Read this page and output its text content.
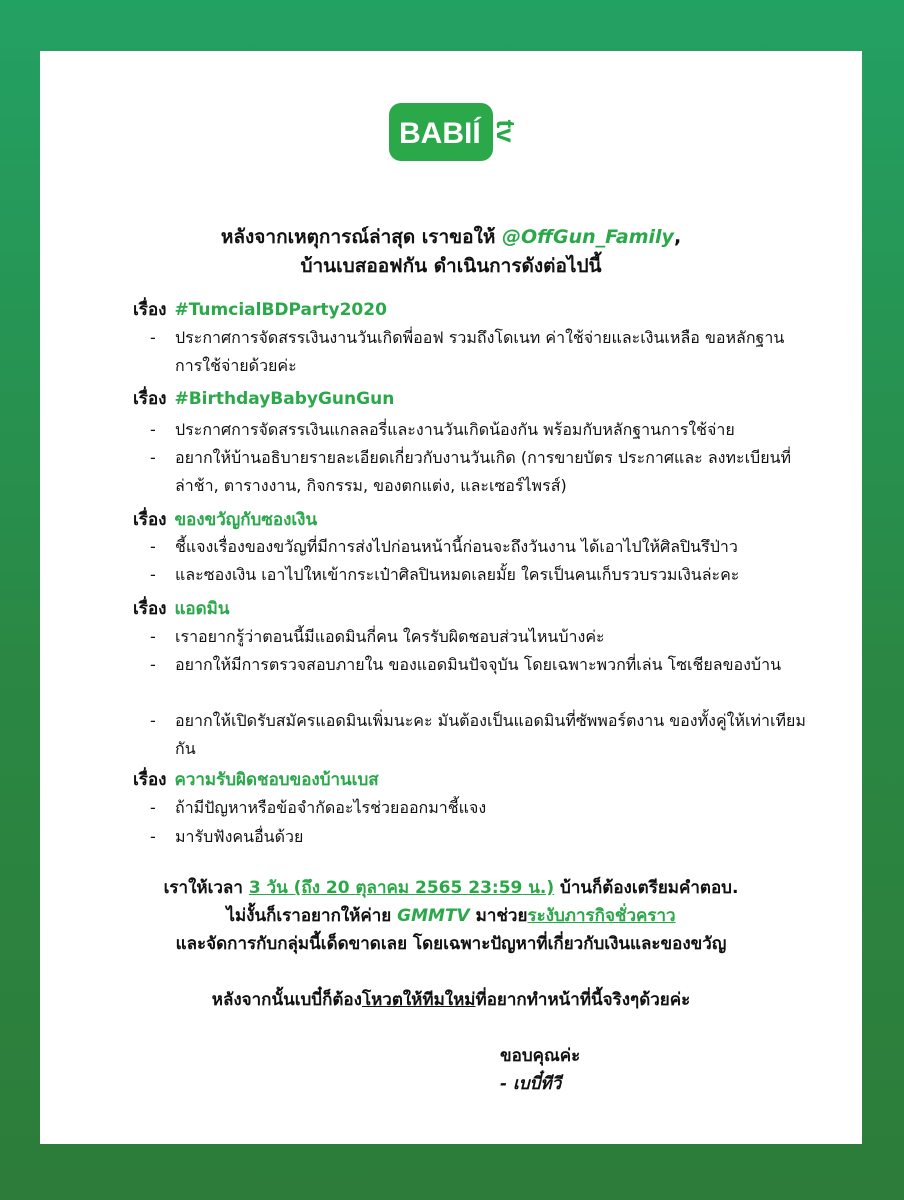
BABIÍ tv
หลังจากเหตุการณ์ล่าสุด เราขอให้ @OffGun_Family,
บ้านเบสออฟกัน ดำเนินการดังต่อไปนี้
เรื่อง #TumcialBDParty2020
- ประกาศการจัดสรรเงินงานวันเกิดพี่ออฟ รวมถึงโดเนท ค่าใช้จ่ายและเงินเหลือ ขอหลักฐานการใช้จ่ายด้วยค่ะ
เรื่อง #BirthdayBabyGunGun
- ประกาศการจัดสรรเงินแกลลอรี่และงานวันเกิดน้องกัน พร้อมกับหลักฐานการใช้จ่าย
- อยากให้บ้านอธิบายรายละเอียดเกี่ยวกับงานวันเกิด (การขายบัตร ประกาศและ ลงทะเบียนที่ล่าช้า, ตารางงาน, กิจกรรม, ของตกแต่ง, และเซอร์ไพรส์)
เรื่อง ของขวัญกับซองเงิน
- ชี้แจงเรื่องของขวัญที่มีการส่งไปก่อนหน้านี้ก่อนจะถึงวันงาน ได้เอาไปให้ศิลปินรึป่าว
- และซองเงิน เอาไปใหเข้ากระเป๋าศิลปินหมดเลยมั้ย ใครเป็นคนเก็บรวบรวมเงินล่ะคะ
เรื่อง แอดมิน
- เราอยากรู้ว่าตอนนี้มีแอดมินกี่คน ใครรับผิดชอบส่วนไหนบ้างค่ะ
- อยากให้มีการตรวจสอบภายใน ของแอดมินปัจจุบัน โดยเฉพาะพวกที่เล่น โซเชียลของบ้าน
- อยากให้เปิดรับสมัครแอดมินเพิ่มนะคะ มันต้องเป็นแอดมินที่ซัพพอร์ตงาน ของทั้งคู่ให้เท่าเทียมกัน
เรื่อง ความรับผิดชอบของบ้านเบส
- ถ้ามีปัญหาหรือข้อจำกัดอะไรช่วยออกมาชี้แจง
- มารับฟังคนอื่นด้วย
เราให้เวลา 3 วัน (ถึง 20 ตุลาคม 2565 23:59 น.) บ้านก็ต้องเตรียมคำตอบ.
ไม่งั้นก็เราอยากให้ค่าย GMMTV มาช่วยระงับภารกิจชั่วคราว
และจัดการกับกลุ่มนี้เด็ดขาดเลย โดยเฉพาะปัญหาที่เกี่ยวกับเงินและของขวัญ
หลังจากนั้นเบบี๋ก็ต้องโหวตให้ทีมใหม่ที่อยากทำหน้าที่นี้จริงๆด้วยค่ะ
ขอบคุณค่ะ
- เบบี๋ทีวี
